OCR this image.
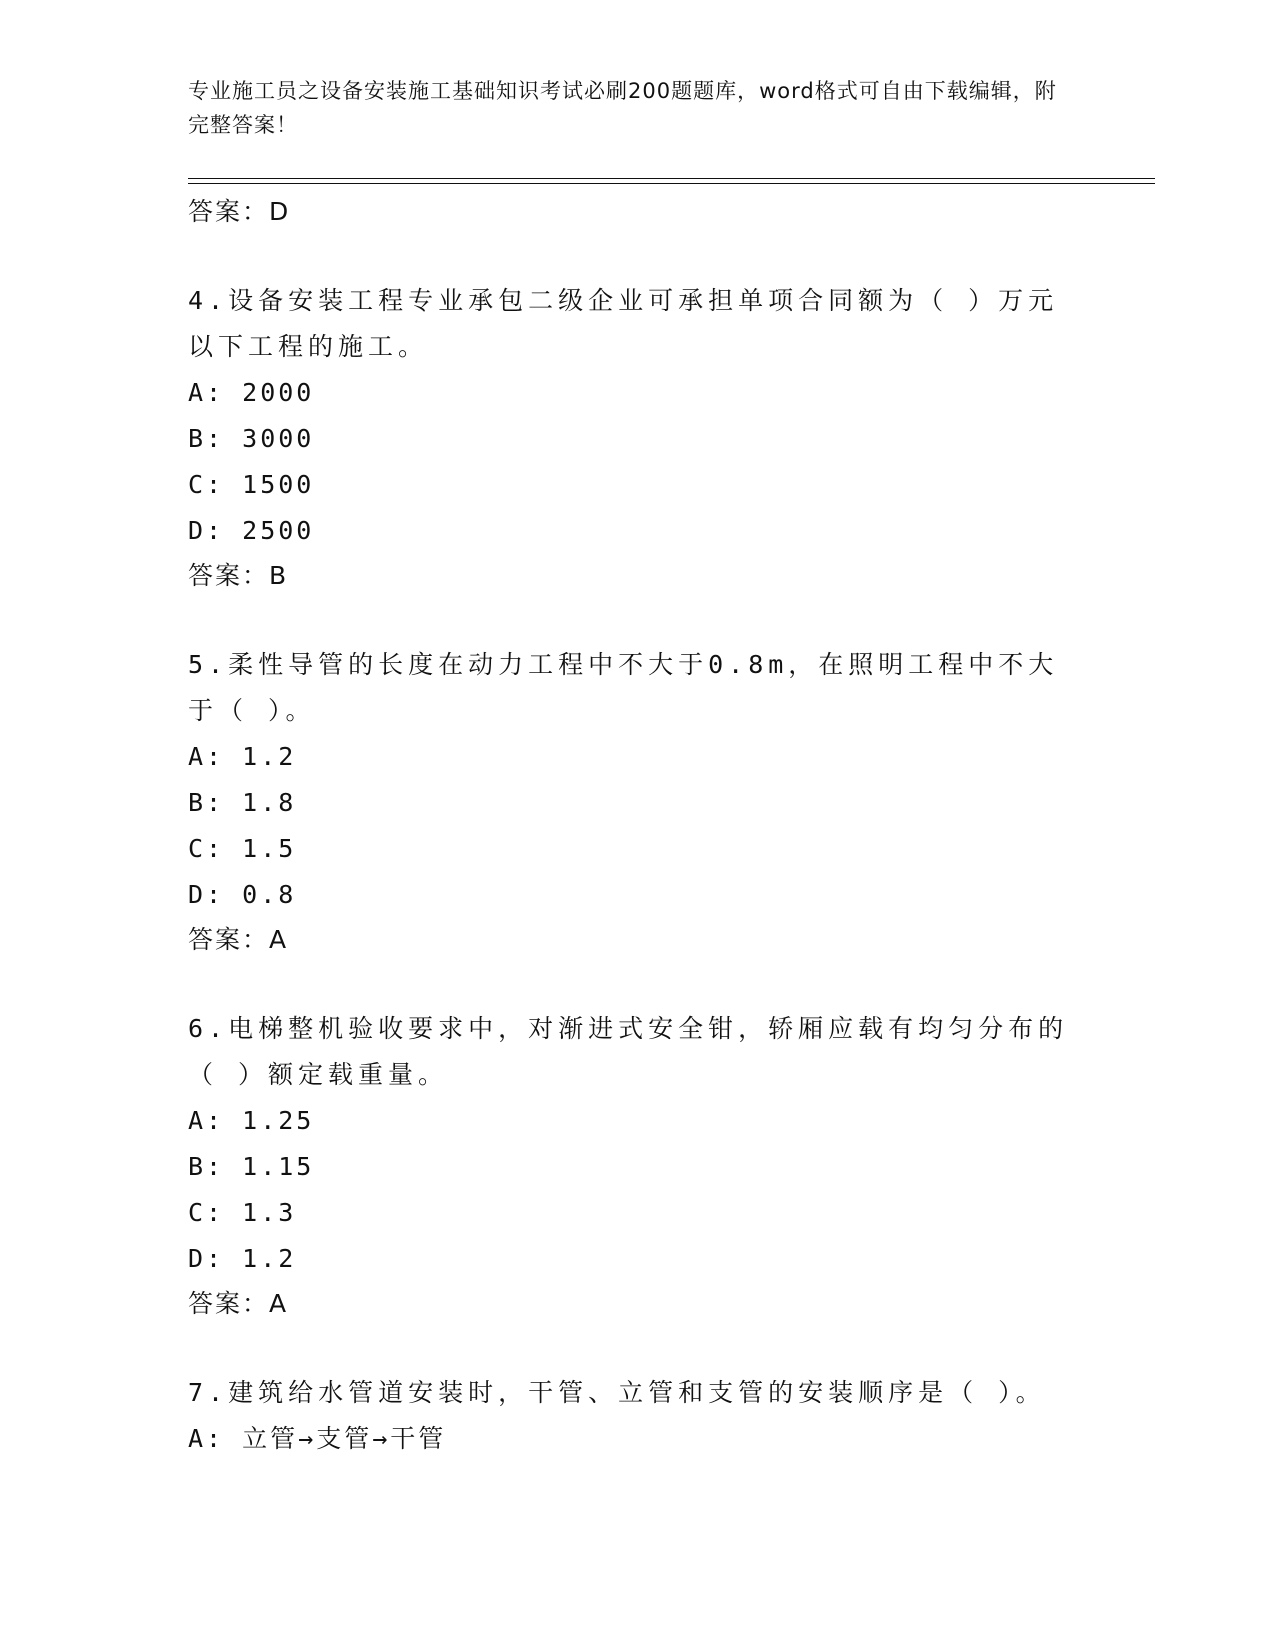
专业施工员之设备安装施工基础知识考试必刷200题题库，word格式可自由下载编辑，附完整答案！
答案：D
4.设备安装工程专业承包二级企业可承担单项合同额为（ ）万元以下工程的施工。
A: 2000
B: 3000
C: 1500
D: 2500
答案：B
5.柔性导管的长度在动力工程中不大于0.8m，在照明工程中不大于（ ）。
A: 1.2
B: 1.8
C: 1.5
D: 0.8
答案：A
6.电梯整机验收要求中，对渐进式安全钳，轿厢应载有均匀分布的（ ）额定载重量。
A: 1.25
B: 1.15
C: 1.3
D: 1.2
答案：A
7.建筑给水管道安装时，干管、立管和支管的安装顺序是（ ）。
A: 立管→支管→干管
